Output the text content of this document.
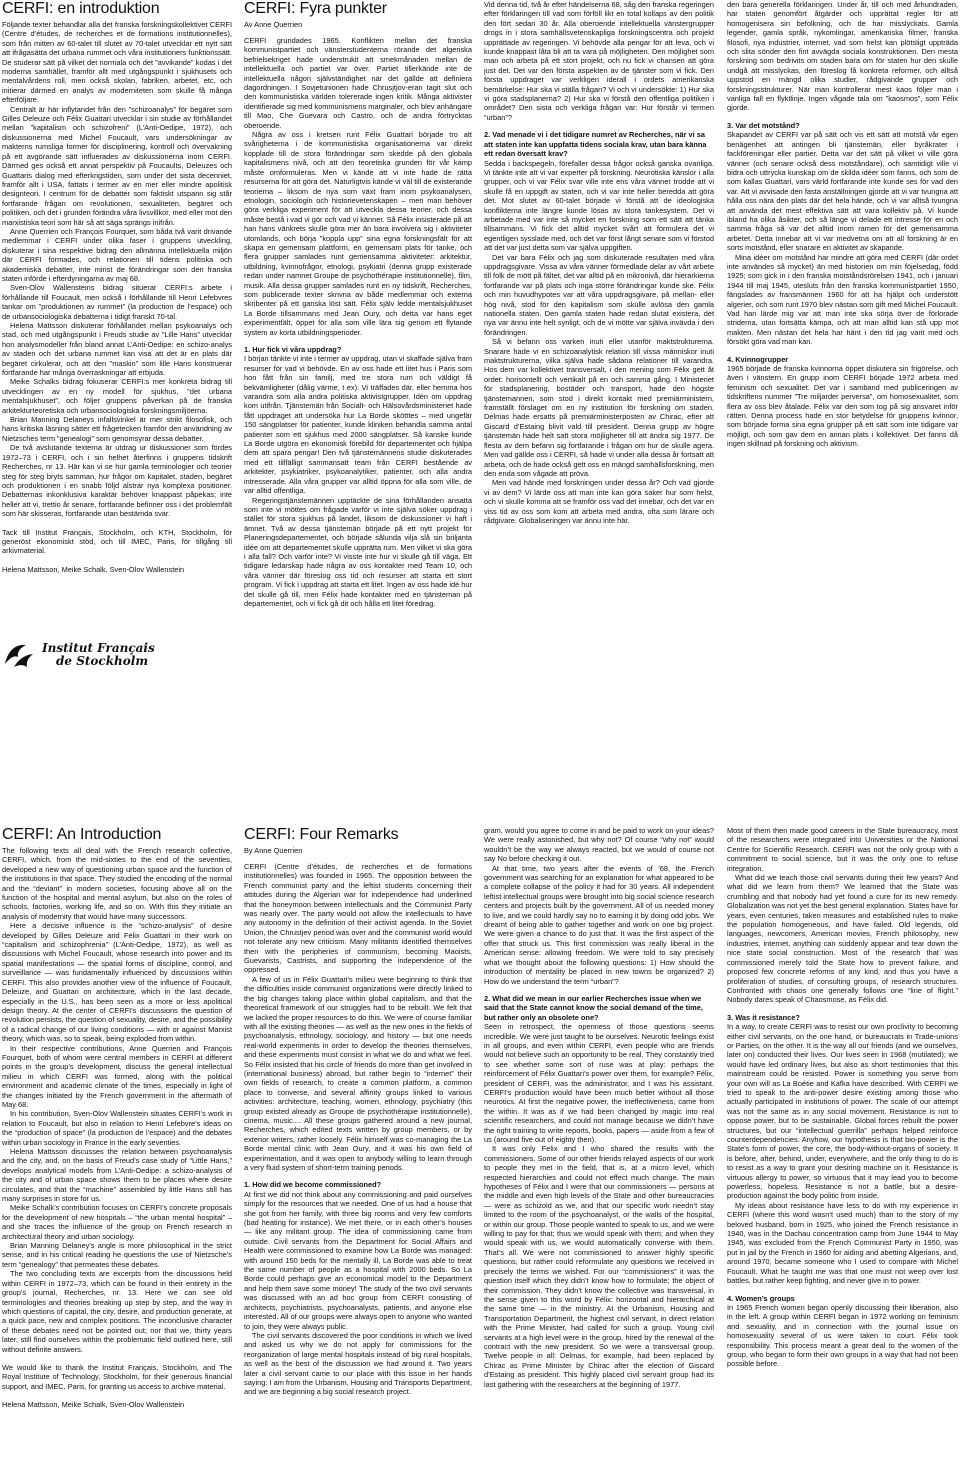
CERFI: en introduktion

Följande texter behandlar alla det franska forskningskollektivet CERFI (Centre d’études, de recherches et de formations institutionnelles), som från mitten av 60-talet till slutet av 70-talet utvecklar ett nytt sätt att ifrågasätta det urbana rummet och våra institutioners funktionssätt. De studerar sätt på vilket det normala och det ”avvikande” kodas i det moderna samhället, framför allt med utgångspunkt i sjukhusets och mentalvårdens roll, men också skolan, fabriken, arbetet, etc, och initierar därmed en analys av moderniteten som skulle få många efterföljare.

Centralt är här inflytandet från den ”schizoanalys” för begäret som Gilles Deleuze och Félix Guattari utvecklar i sin studie av förhållandet mellan ”kapitalism och schizofreni” (L’Anti-Oedipe, 1972), och diskussionerna med Michel Foucault, vars undersökningar av makterns rumsliga former för disciplinering, kontroll och övervakning på ett avgörande sätt influerades av diskussionerna inom CERFI. Därmed ges också ett annat perspektiv på Foucaults, Deleuzes och Guattaris dialog med efterkrigstiden, som under det sista decenniet, framför allt i USA, fattats i termer av en mer eller mindre apolitisk designteori. I centrum för de debatter som faktiskt utspann sig står fortfarande frågan om revolutionen, sexualiteten, begäret och politiken, och det i grunden förändra våra livsvillkor, med eller mot den marxistiska teori som här så att säga sprängs inifrån.

Anne Querrien och François Fourquet, som båda två varit drivande medlemmar i CERFI under olika faser i gruppens utveckling, diskuterar i sina respektive bidrag den allmänna intellektuella miljön där CERFI formades, och relationen till tidens politiska och akademiska debatter, inte minst de förändringar som den franska staten införde i efterdyningarna av maj 68.

Sven-Olov Wallensteins bidrag situerar CERFI:s arbete i förhållande till Foucault, men också i förhållande till Henri Lefebvres tankar om ”produktionen av rummet” (la production de l’espace) och de urbansociologiska debatterna i tidigt franskt 70-tal.

Helena Mattsson diskuterar förhållandet mellan psykoanalys och stad, och med utgångspunkt i Freuds studie av ”Lille Hans” utvecklar hon analysmodeller från bland annat L’Anti-Oedipe: en schizo-analys av staden och det urbana rummet kan visa att det är en plats där begäret cirkulerar, och att den ”maskin” som lille Hans konstruerar fortfarande har många överraskningar att erbjuda.

Meike Schalks bidrag fokuserar CERFI:s mer konkreta bidrag till utvecklingen av en ny modell för sjukhus, ”det urbana mentalsjukhuset”, och följer gruppens påverkan på de franska arkitekturteoretiska och urbansociologiska forskningsmiljöerna.

Brian Manning Delaneys infallsvinkel är mer strikt filosofisk, och hans kritiska läsning sätter ett frågetecken framför den användning av Nietzsches term ”genealogi” som genomsyrar dessa debatter.

De två avslutande texterna är utdrag ur diskussioner som fördes 1972–73 i CERFI, och i sin helhet återfinns i gruppens tidskrift Recherches, nr 13. Här kan vi se hur gamla terminologier och teorier steg för steg bryts samman, hur frågor om kapitalet, staden, begäret och produktionen i en snabb följd alstrar nya komplexa positioner. Debatternas inkonklusiva karaktär behöver knappast påpekas; inte heller att vi, trettio år senare, fortfarande befinner oss i det problemfält som här skisseras, fortfarande utan bestämda svar.

Tack till Institut Français, Stockholm, och KTH, Stockholm, för generöst ekonomiskt stöd, och till IMEC, Paris, för tillgång till arkivmaterial.

Helena Mattsson, Meike Schalk, Sven-Olov Wallenstein
CERFI: Fyra punkter
Av Anne Querrien

CERFI grundades 1965. Konflikten mellan det franska kommunistpartiet och vänsterstudenterna rörande det algeriska befrielsekriget hade understrukit att smekmånaden mellan de intellektuella och partiet var över. Partiet tillerkände inte de intellektuella någon självständighet när det gällde att definiera dagordningen. I Sovjetunionen hade Chrusjtjov-eran tagit slut och den kommunistiska världen tolererade ingen kritik. Många aktivister identifierade sig med kommunismens marginaler, och blev anhängare till Mao, Che Guevara och Castro, och de andra förtrycktas oberoende.

Några av oss i kretsen runt Félix Guattari började tro att svårigheterna i de kommunistiska organisationerna var direkt kopplade till de stora förändringar som skedde på den globala kapitalismens nivå, och att den teoretiska grunden för vår kamp måste omformuleras. Men vi kände att vi inte hade de rätta resurserna för att göra det. Naturligtvis kände vi väl till de existerande teorierna – liksom de nya som växt fram inom psykoanalysen, etnologin, sociologin och historievetenskapen – men man behöver göra verkliga experiment för att utveckla dessa teorier, och dessa måste bestå i vad vi gör och vad vi känner. Så Félix insisterade på att han hans vänkrets skulle göra mer än bara involvera sig i aktiviteter utomlands, och börja ”koppla upp” sina egna forskningsfält för att skapa en gemensam plattform, en gemensam plats för tanke, och flera grupper samlades runt gemensamma aktiviteter: arkitektur, utbildning, kvinnofrågor, etnologi, psykiatri (denna grupp existerade redan under namnet Groupe de psychothérapie institutionnelle), film, musik. Alla dessa grupper samlades runt en ny tidskrift, Recherches, som publicerade texter skrivna av både medlemmar och externa skribenter på ett ganska löst sätt. Félix själv ledde mentalsjukhuset La Borde tillsammans med Jean Oury, och detta var hans eget experimentfält, öppet för alla som ville lära sig genom ett flytande system av korta utbildningsperioder.

1. Hur fick vi våra uppdrag?

I början tänkte vi inte i termer av uppdrag, utan vi skaffade själva fram resurser för vad vi behövde. En av oss hade ett litet hus i Paris som hon fått från sin familj, med tre stora rum och väldigt få bekvämligheter (dålig värme, t ex). Vi träffades där, eller hemma hos varandra som alla andra politiska aktivistgrupper. Idén om uppdrag kom utifrån. Tjänstemän från Socialt- och Hälsovårdsministeriet hade fått uppdraget att undersöka hur La Borde skötttes – med ungefär 150 sängplatser för patienter, kunde kliniken behandla samma antal patienter som ett sjukhus med 2000 sängplatser. Så kanske kunde La Borde utgöra en ekonomisk förebild för departementet och hjälpa dem att spara pengar! Den två tjänstemännens studie diskuterades med ett tillfälligt sammansatt team från CERFI bestående av arkitekter, psykiatriker, psykoanalytiker, patienter, och alla andra intresserade. Alla våra grupper var alltid öppna för alla som ville, de var alltid offentliga.

Regeringstjänstemännen upptäckte de sina förhållanden ansatta som inte vi möttes om frågade varför vi inte själva söker uppdrag i stället för stora sjukhus på landet, liksom de diskussioner vi haft i ämnet. Två av dessa tjänstemän började på ett nytt projekt för Planeringsdepartementet, och började sålunda vilja slå sin briljanta idée om att departementet skulle upprätta rum. Men vilket vi ska göra i alla fall? Och varför inte? Vi visste inte hur vi skulle gå till väga. Ett tidigare ledarskap hade några av oss kontakter med Team 10, och våra vänner där föreslog oss tid och resurser att starta ett stort program. Vi fick i uppdrag att starta ett litet. Ingen av oss hade idé hur det skulle gå till, men Félix hade kontakter med en tjänsteman på departementet, och vi fick gå dit och hålla ett litet föredrag.

Vid denna tid, två år efter händelserna 68, såg den franska regeringen efter förklaringen till vad som förföll likt en total kollaps av den politik den fört sedan 30 år. Alla oberoende intellektuella vänstergrupper drogs in i stora samhällsvetenskapliga forskningscentra och projekt upprättade av regeringen. Vi behövde alla pengar för att leva, och vi kunde knappast låta bli att ta vara på möjligheten. Den möjlighet som man och arbeta på ett stort projekt, och nu fick vi chansen att göra just det. Det var den första aspekten av de tjänster som vi fick. Den första uppdraget var verkligen iderall i ordets amerikanska bemärkelse: Hur ska vi ställa frågan? Vi och vi undersökte: 1) Hur ska vi göra stadsplanerna? 2) Hur ska vi förstå den offentliga politiken i området? Den sista och verkliga frågan var: Hur förstår vi termen ”urban”?

2. Vad menade vi i det tidigare numret av Recherches, när vi sa att staten inte kan uppfatta tidens sociala krav, utan bara känna ett redan översatt krav?

Sedda i backspegeln, förefaller dessa frågor också ganska ovanliga. Vi tänkte inte att vi var experter på forskning. Neurotiska känslor i alla grupper, och vi var Félix svar ville inte ens våra vänner trodde att vi skulle få en uppgift av staten, och vi var inte heller beredda att göra det. Mot slutet av 60-talet började vi förstå att de ideologiska konflikterna inte längre kunde lösas av stora tankesystem. Det vi arbetade med var inte så mycket en forskning som ett sätt att tänka tillsammans. Vi fick det alltid mycket svårt att formulera det vi egentligen sysslade med, och det var först långt senare som vi förstod att det var just detta som var själva uppgiften.

Det var bara Félix och jag som diskuterade resultaten med våra uppdragsgivare. Vissa av våra vänner förmedlade delar av vårt arbete till folk de mött på fältet, det var alltid på en mikronivå, där hierarkierna fortfarande var på plats och inga större förändringar kunde ske. Félix och min huvudhypotes var att våra uppdragsgivare, på mellan- eller hög nivå, stod för den kapitalism som skulle avlösa den gamla nationella staten. Den gamla staten hade redan slutat existera, det nya var ännu inte helt synligt, och de vi mötte var själva invävda i den förändringen.

Så vi befann oss varken inuti eller utanför maktstrukturerna. Snarare hade vi en schizoanalytisk relation till vissa människor inuti maktstrukturerna, vilka själva hade sådana relationer till varandra. Hos dem var kollektivet transversalt, i den mening som Félix gett åt ordet: horisontellt och vertikalt på en och samma gång. I Ministeriet för stadsplanering, bostäder och transport, hade den högste tjänstemannen, som stod i direkt kontakt med premiärministern, framställt förslaget om en ny institution för forskning om staden. Delmas hade ersatts på premiärministerposten av Chirac, efter att Giscard d’Estaing blivit vald till president. Denna grupp av högre tjänstemän hade helt satt stora möjligheter till att ändra sig 1977. De flesta av dem befann sig fortfarande i frågan om hur de skulle agera. Men vad gällde oss i CERFI, så hade vi under alla dessa år fortsatt att arbeta, och de hade också gett oss en mängd samhällsforskning, men den enda som vågade att pröva.

Men vad hände med forskningen under dessa år? Och vad gjorde vi av dem? Vi lärde oss att man inte kan göra saker hur som helst, och vi skulle komma att se framför oss vad det innebar, och det var en viss tid av oss som kom att arbeta med andra, ofta som lärare och rådgivare. Globaliseringen var ännu inte här.

den bara generella förklaringen. Under år, till och med århundraden, har staten genomfört åtgärder och upprättat regler för att homogenisera sin befolkning, och de har misslyckats. Gamla legender, gamla språk, nykomlingar, amerikanska filmer, franska filosofi, nya industrier, internet, vad som helst kan plötsligt uppträda och slita sönder den fint avvägda sociala konstruktionen. Den mesta forskning som bedrivits om staden bara om för staten hur den skulle undgå att misslyckas, den föreslog få konkreta reformer, och alltså uppstod en mängd olika studier, rådgivande grupper och forskningsstrukturer. När man kontrollerar mest kaos följer man i vanliga fall en flyktlinje. Ingen vågade tala om ”kaosmos”, som Félix gjorde.

3. Var det motstånd?

Skapandet av CERFI var på sätt och vis ett sätt att motstå vår egen benägenhet att antingen bli tjänstemän, eller byråkrater i fackföreningar eller partier. Detta var det sätt på vilket vi ville göra vänner (och senare också dess motståndare), och samtidigt ville vi bidra och uttrycka kunskap om de skilda idéer som fanns, och som de som kallas Guattari, vars värld fortfarande inte kunde ses för vad den var. Att vi avvisade den fasta anställningen gjorde att vi var tvungna att hålla oss nära den plats där det hela hände, och vi var alltså tvungna att använda det mest effektiva sätt att vara kollektiv på. Vi kunde ibland ha olika åsikter, och så länge vi delade ett intresse för en och samma fråga så var det alltid inom ramen för det gemensamma arbetet. Detta innebar att vi var medvetna om att all forskning är en sorts motstånd, eller snarare en aktivitet av skapande.

Mina idéer om motstånd har mindre att göra med CERFI (där ordet inte användes så mycket) än med historien om min föjelsedag, född 1925; som gick in i den franska motståndsrörelsen 1941, och i januari 1944 till maj 1945, utesluts från den franska kommunistpartiet 1950, fängslades av fransmännen 1960 för att ha hjälpt och understött algerier, och som runt 1970 blev nästan som gift med Michel Foucault. Vad han lärde mig var att man inte ska sörja över de förlorade striderna, utan fortsätta kämpa, och att man alltid kan stå upp mot makten. Men nästan det hela har hänt i den tid jag varit med och försökt göra vad man kan.

4. Kvinnogrupper

1965 började de franska kvinnorna öppet diskutera sin frigörelse, och även i vänstern. En grupp inom CERFI började 1972 arbeta med feminism och sexualitet. Det var i samband med publiceringen av tidskriftens nummer ”Tre miljarder perversa”, om homosexualitet, som flera av oss blev åtalade. Félix var den som tog på sig ansvaret inför rätten. Denna process hade en stor betydelse för gruppens kvinnor, som började forma sina egna grupper på ett sätt som inte tidigare var möjligt, och som gav dem en annan plats i kollektivet. Det fanns då ingen skillnad på forskning och aktivism.

Institut Français
de Stockholm
CERFI: An Introduction

The following texts all deal with the French research collective, CERFI, which, from the mid-sixties to the end of the seventies, developed a new way of questioning urban space and the function of the institutions in that space. They studied the encoding of the normal and the “deviant” in modern societies, focusing above all on the function of the hospital and mental asylum, but also on the roles of schools, factories, working life, and so on. With this they initiate an analysis of modernity that would have many successors.

Here a decisive influence is the “schizo-analysis” of desire developed by Gilles Deleuze and Félix Guattari in their work on “capitalism and schizophrenia” (L’Anti-Oedipe, 1972), as well as discussions with Michel Foucault, whose research into power and its spatial manifestations — the spatial forms of discipline, control, and surveillance — was fundamentally influenced by discussions within CERFI. This also provides another view of the influence of Foucault, Deleuze, and Guattari on architecture, which in the last decade, especially in the U.S., has been seen as a more or less apolitical design theory. At the center of CERFI’s discussions the question of revolution persists, the question of sexuality, desire, and the possibility of a radical change of our living conditions — with or against Marxist theory, which was, so to speak, being exploded from within.

In their respective contributions, Anne Querrien and François Fourquet, both of whom were central members in CERFI at different points in the group’s development, discuss the general intellectual milieu in which CERFI was formed, along with the political environment and academic climate of the times, especially in light of the changes initiated by the French government in the aftermath of May 68.

In his contribution, Sven-Olov Wallenstein situates CERFI’s work in relation to Foucault, but also in relation to Henri Lefebvre’s ideas on the “production of space” (la production de l’espace) and the debates within urban sociology in France in the early seventies.

Helena Mattsson discusses the relation between psychoanalysis and the city, and, on the basis of Freud’s case study of “Little Hans,” develops analytical models from L’Anti-Oedipe: a schizo-analysis of the city and of urban space shows them to be places where desire circulates, and that the “machine” assembled by little Hans still has many surprises in store for us.

Meike Schalk’s contribution focuses on CERFI’s concrete proposals for the development of new hospitals – “the urban mental hospital” – and she traces the influence of the group on French research in architectural theory and urban sociology.

Brian Manning Delaney’s angle is more philosophical in the strict sense, and in his critical reading he questions the use of Nietzsche’s term “genealogy” that permeates these debates.

The two concluding texts are excerpts from the discussions held within CERFI in 1972–73, which can be found in their entirety in the group’s journal, Recherches, nr. 13. Here we can see old terminologies and theories breaking up step by step, and the way in which questions of capital, the city, desire, and production generate, at a quick pace, new and complex positions. The inconclusive character of these debates need not be pointed out; nor that we, thirty years later, still find ourselves within the problematic field outlined here, still without definite answers.

We would like to thank the Institut Français, Stockholm, and The Royal Institute of Technology, Stockholm, for their generous financial support, and IMEC, Paris, for granting us access to archive material.

Helena Mattsson, Meike Schalk, Sven-Olov Wallenstein
CERFI: Four Remarks
By Anne Querrien

CERFI (Centre d’études, de recherches et de formations institutionnelles) was founded in 1965. The opposition between the French communist party and the leftist students concerning their attitudes during the Algerian war for independence had underlined that the honeymoon between intellectuals and the Communist Party was nearly over. The party would not allow the intellectuals to have any autonomy in the definition of their activist agenda. In the Soviet Union, the Chrustjev period was over and the communist world would not tolerate any new criticism. Many militants identified themselves then with the peripheries of communism, becoming Maoists, Guevarists, Castrists, and supporting the independence of the oppressed.

A few of us in Félix Guattari’s milieu were beginning to think that the difficulties inside communist organizations were directly linked to the big changes taking place within global capitalism, and that the theoretical framework of our struggles had to be rebuilt. We felt that we lacked the proper resources to do this. We were of course familiar with all the existing theories — as well as the new ones in the fields of psychoanalysis, ethnology, sociology, and history — but one needs real-world experiments in order to develop the theories themselves, and these experiments must consist in what we do and what we feel. So Félix insisted that his circle of friends do more than get involved in (international business) abroad, but rather begin to “internet” their own fields of research, to create a common platform, a common place to converse, and several affinity groups linked to various activities: architecture, teaching, women, ethnology, psychiatry (this group existed already as Groupe de psychothérapie institutionnelle), cinema, music.... All these groups gathered around a new journal, Recherches, which edited texts written by group members, or by exterior writers, rather loosely. Félix himself was co-managing the La Borde mental clinic with Jean Oury, and it was his own field of experimentation, and it was open to anybody willing to learn through a very fluid system of short-term training periods.

1. How did we become commissioned?

At first we did not think about any commissioning and paid ourselves simply for the resources that we needed. One of us had a house that she got from her family, with three big rooms and very few comforts (bad heating for instance). We met there, or in each other’s houses — like any militant group. The idea of commissioning came from outside. Civil servants from the Department for Social Affairs and Health were commissioned to examine how La Borde was managed: with around 150 beds for the mentally ill, La Borde was able to treat the same number of people as a hospital with 2000 beds. So La Borde could perhaps give an economical model to the Department and help them save some money! The study of the two civil servants was discussed with an ad hoc group from CERFI consisting of architects, psychiatrists, psychoanalysts, patients, and anyone else interested. All of our groups were always open to anyone who wanted to join, they were always public.

The civil servants discovered the poor conditions in which we lived and asked us why we do not apply for commissions for the reorganization of large mental hospitals instead of big rural hospitals, as well as the best of the discussion we had around it. Two years later a civil servant came to our place with this issue in her hands saying: I am from the Urbanism, Housing and Transports Department, and we are beginning a big social research project.

gram, would you agree to come in and be paid to work on your ideas? We were really astonished, but why not? Of course “why not” would wouldn’t be the way we always reacted, but we would of course not say No before checking it out.

At that time, two years after the events of ’68, the French government was searching for an explanation for what appeared to be a complete collapse of the policy it had for 30 years. All independent leftist intellectual groups were brought into big social science research centers and projects built by the government. All of us needed money to live, and we could hardly say no to earning it by doing odd jobs. We dreamt of being able to gather together and work on one big project. We were given a chance to do just that. It was the first aspect of the offer that struck us. This first commission was really liberal in the American sense: allowing freedom. We were told to say precisely what we thought about the following questions: 1) How should the introduction of mentality be placed in new towns be organized? 2) How do we understand the term “urban”?

2. What did we mean in our earlier Recherches issue when we said that the State cannot know the social demand of the time, but rather only an obsolete one?

Seen in retrospect, the openness of those questions seems incredible. We were just taught to be ourselves. Neurotic feelings exist in all groups, and even within CERFI, even people who are friends would not believe such an opportunity to be real. They constantly tried to see whether some sort of ruse was at play: perhaps the reinforcement of Félix Guattari’s power over them, for example? Félix, president of CERFI, was the administrator, and I was his assistant. CERFI’s production would have been much better without all those neurotics. At first the negative power, the ineffectiveness, came from the within. It was as if we had been changed by magic into real scientific researchers, and could not manage because we didn’t have the right training to write reports, books, papers — aside from a few of us (around five out of eighty then).

It was only Felix and I who shared the results with the commissioners. Some of our other friends relayed aspects of our work to people they met in the field, that is, at a micro level, which respected hierarchies and could not effect much change. The main hypotheses of Félix and I were that our commissioners — persons at the middle and even high levels of the State and other bureaucracies — were as schizoid as we, and that our specific work needn’t stay limited to the room of the psychoanalyst, or the walls of the hospital, or within our group. Those people wanted to speak to us, and we were willing to pay for that; thus we would speak with them; and when they would speak with us, we would automatically converse with them. That’s all. We were not commissioned to answer highly specific questions, but rather could reformulate any questions we received in precisely the terms we wished. For our “commissioners” it was the question itself which they didn’t know how to formulate; the object of their commission. They didn’t know the collective was transversal, in the sense given to this word by Félix: horizontal and hierarchical at the same time — in the ministry. At the Urbanism, Housing and Transportation Department, the highest civil servant, in direct relation with the Prime Minister, had called for such a group. Young civil servants at a high level were in the group, hired by the renewal of the contract with the new president. So we were a transversal group. Twelve people in all: Delmas, for example, had been replaced by Chirac as Prime Minister by Chirac after the election of Giscard d’Estaing as president. This highly placed civil servant group had its last gathering with the researchers at the beginning of 1977.

Most of them then made good careers in the State bureaucracy, most of the researchers were integrated into Universities or the National Centre for Scientific Research. CERFI was not the only group with a commitment to social science, but it was the only one to refuse integration.

What did we teach those civil servants during their few years? And what did we learn from them? We learned that the State was crumbling and that nobody had yet found a cure for its new remedy. Globalization was not yet the best general explanation. States have for years, even centuries, taken measures and established rules to make the population homogeneous, and have failed. Old legends, old languages, newcomers, American movies, French philosophy, new industries, internet, anything can suddenly appear and tear down the nice state social construction. Most of the research that was commissioned merely told the State how to prevent failure, and proposed few concrete reforms of any kind, and thus you have a proliferation of studies, of consulting groups, of research structures. Confronted with chaos one generally follows one “line of flight.” Nobody dares speak of Chaosmose, as Félix did.

3. Was it resistance?

In a way, to create CERFI was to resist our own proclivity to becoming either civil servants, on the one hand, or bureaucrats in Trade-unions or Parties, on the other. It is the way all our friends (and we ourselves, later on) conducted their lives. Our lives seen in 1968 (mutilated); we would have led ordinary lives, but also as short testimonies that this mainstream could be resisted. Power is something you serve from your own will as La Boétie and Kafka have described. With CERFI we tried to speak to the anti-power desire existing among those who actually participated in institutions of power. The scale of our attempt was not the same as in any social movement. Resistance is not to oppose power, but to be sustainable. Global forces rebuilt the power structures, but our “intellectual guerrilla” perhaps helped reinforce counterdependencies. Anyhow, our hypothesis is that bio-power is the State’s form of power, the core, the body-without-organs of society. It is before, after, behind, under, everywhere, and the only thing to do is to resist as a way to grant your desiring machine on it. Resistance is virtuous allergy to power, so virtuous that it may lead you to become powerless, hopeless. Resistance is not a battle, but a desire-production against the body politic from inside.

My ideas about resistance have less to do with my experience in CERFI (where this word wasn’t used much) than to the story of my beloved husband, born in 1925, who joined the French resistance in 1940, was in the Dachau concentration camp from June 1944 to May 1945, was excluded from the French Communist Party in 1950, was put in jail by the French in 1960 for aiding and abetting Algerians, and, around 1970, became someone who I used to compare with Michel Foucault. What he taught me was that one must not weep over lost battles, but rather keep fighting, and never give in to power.

4. Women’s groups

In 1965 French women began openly discussing their liberation, also in the left. A group within CERFI began in 1972 working on feminism and sexuality, and in connection with the journal issue on homosexuality several of us were taken to court. Félix took responsibility. This process meant a great deal to the women of the group, who began to form their own groups in a way that had not been possible before.
